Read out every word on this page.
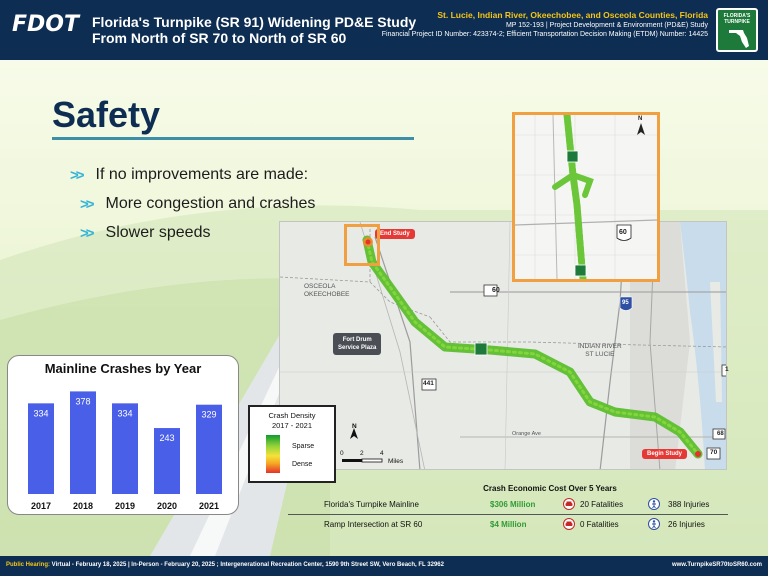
FDOT Florida's Turnpike (SR 91) Widening PD&E Study
From North of SR 70 to North of SR 60
St. Lucie, Indian River, Okeechobee, and Osceola Counties, Florida
MP 152-193 | Project Development & Environment (PD&E) Study
Financial Project ID Number: 423374-2; Efficient Transportation Decision Making (ETDM) Number: 14425
FLORIDA'S TURNPIKE
Safety
>> If no improvements are made:
>> More congestion and crashes
>> Slower speeds
60
95
441
1
70
68
OSCEOLA
OKEECHOBEE
INDIAN RIVER
ST LUCIE
Orange Ave
Fort Drum
Service Plaza
End Study
Begin Study
60
N
Crash Density
2017 - 2021
Sparse
Dense
N
0	2	4
Miles
Mainline Crashes by Year
334
2017
378
2018
334
2019
243
2020
329
2021
Crash Economic Cost Over 5 Years
Florida's Turnpike Mainline	$306 Million	20 Fatalities	388 Injuries
Ramp Intersection at SR 60	$4 Million	0 Fatalities	26 Injuries
Public Hearing: Virtual - February 18, 2025 | In-Person - February 20, 2025 ; Intergenerational Recreation Center, 1590 9th Street SW, Vero Beach, FL 32962	www.TurnpikeSR70toSR60.com
